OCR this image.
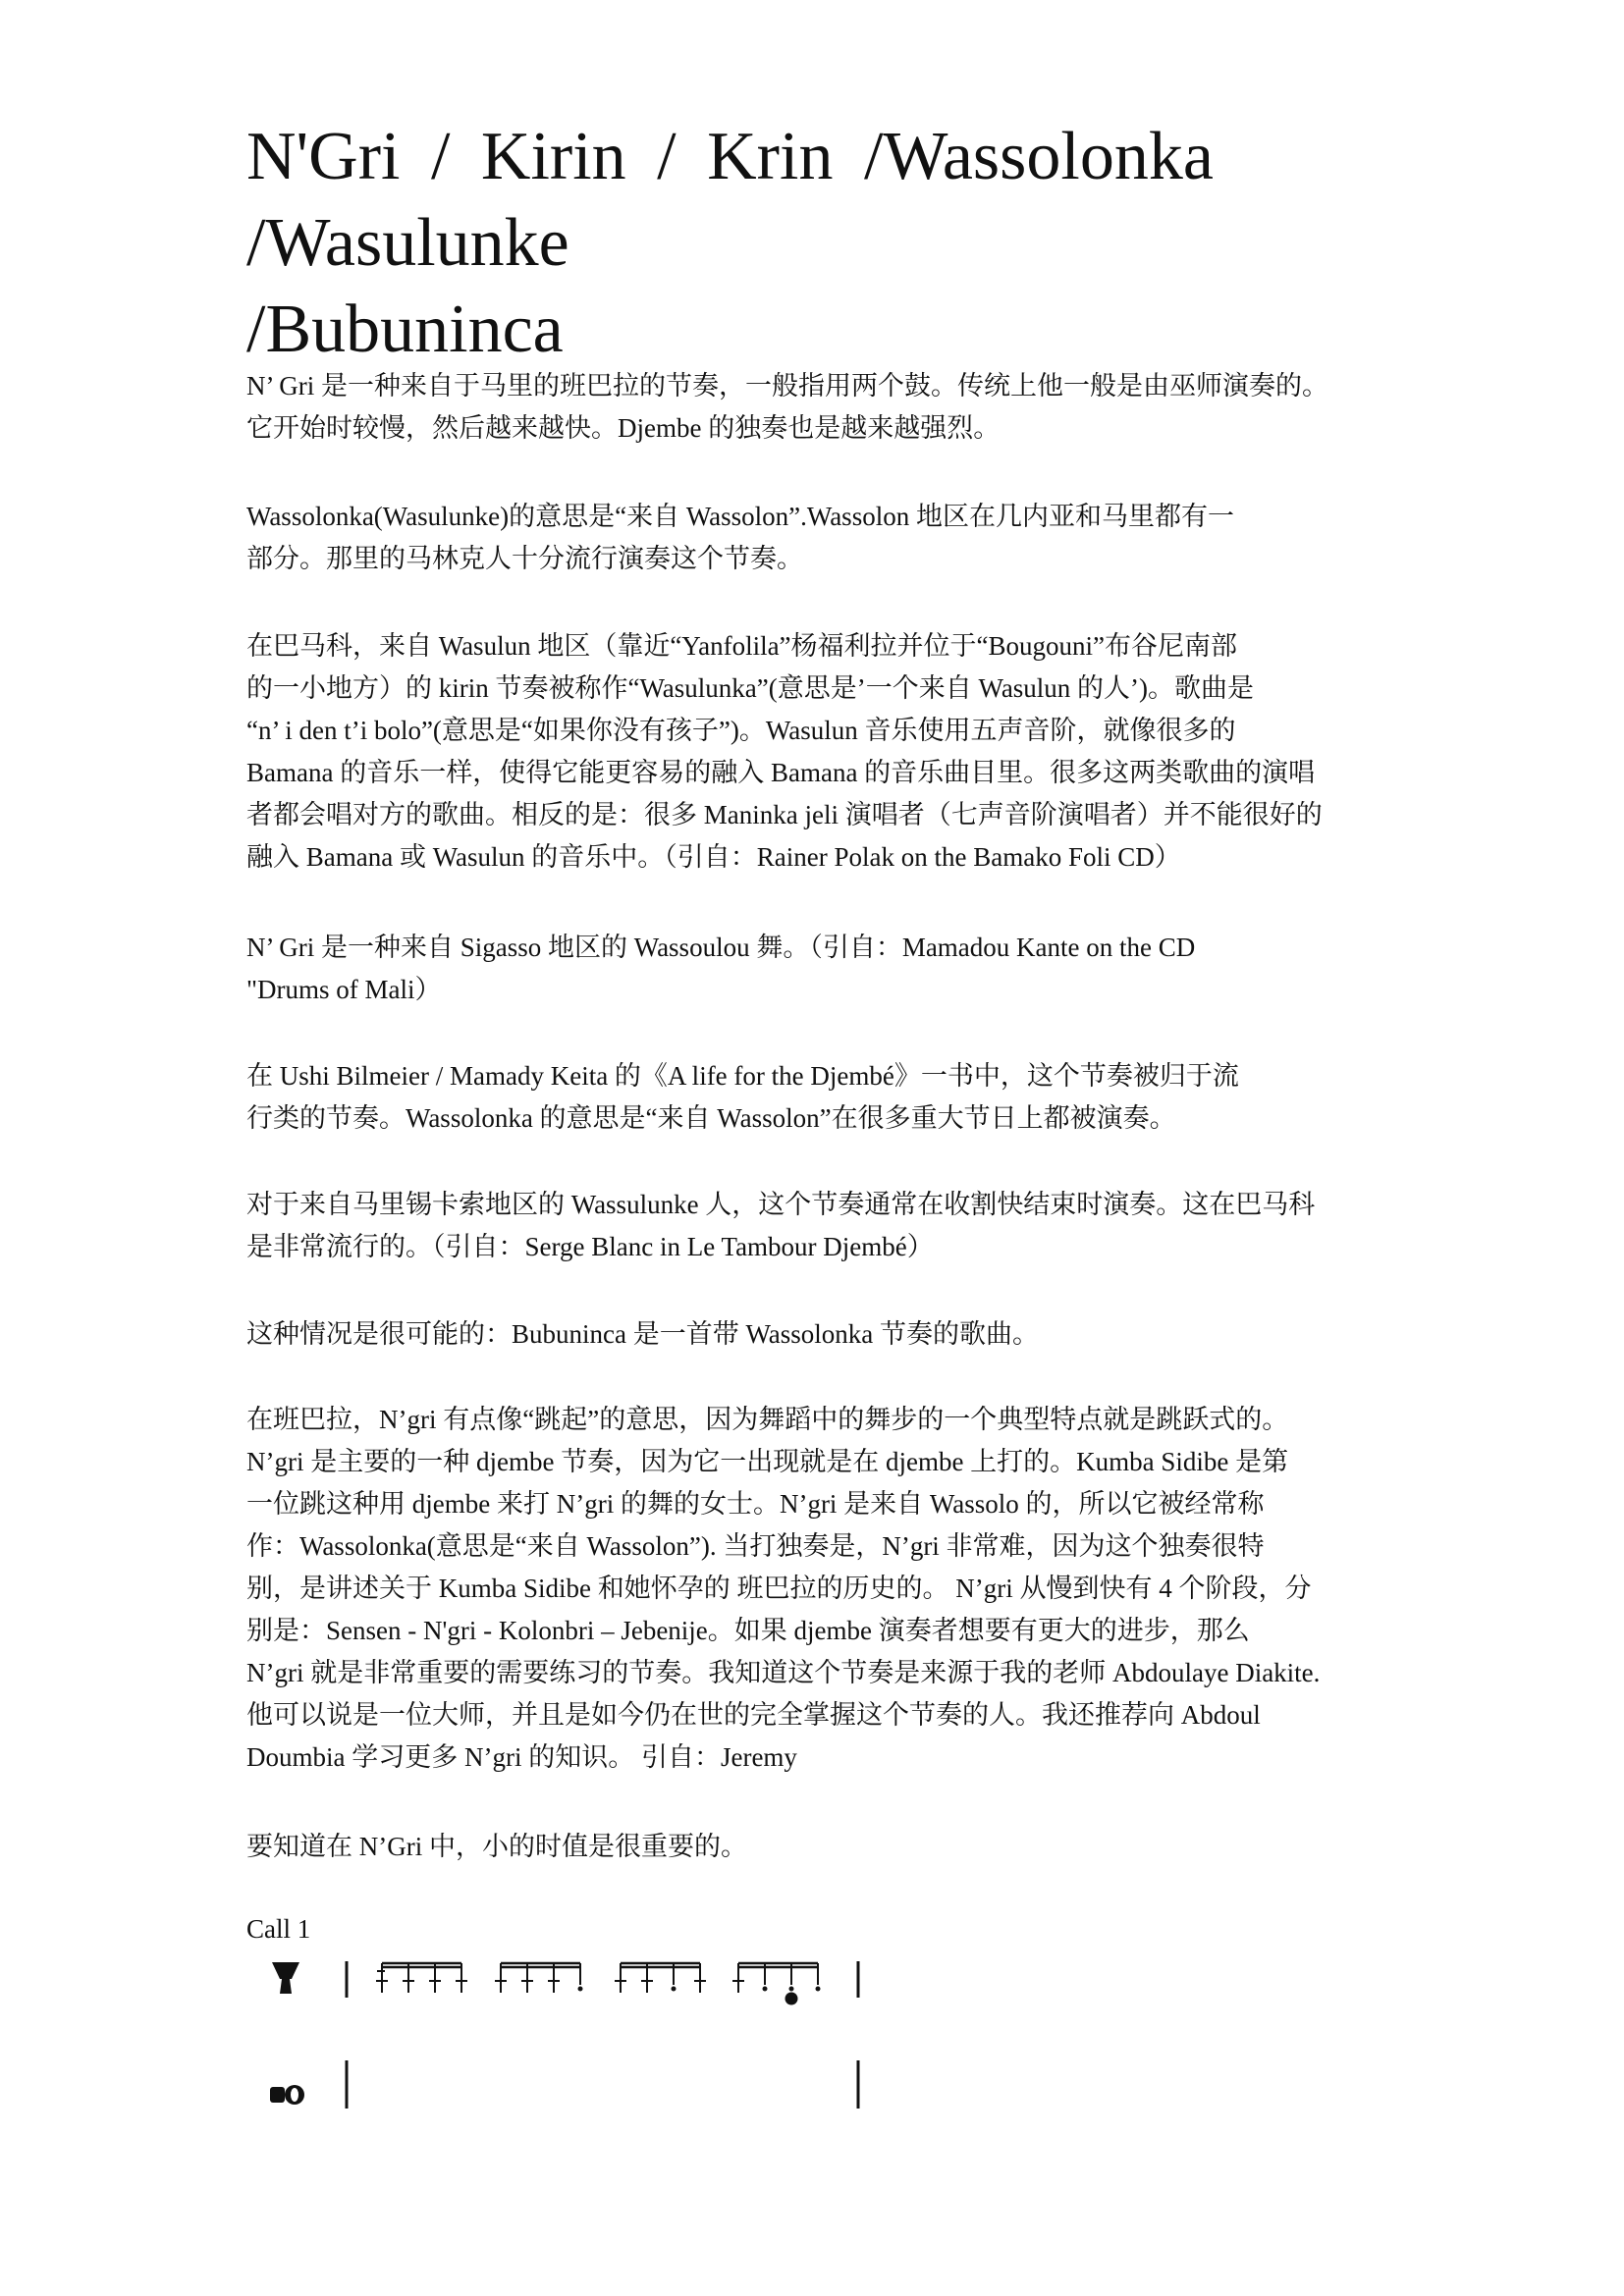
N'Gri / Kirin / Krin /Wassolonka /Wasulunke
/Bubuninca
N’ Gri 是一种来自于马里的班巴拉的节奏，一般指用两个鼓。传统上他一般是由巫师演奏的。
它开始时较慢，然后越来越快。Djembe 的独奏也是越来越强烈。
Wassolonka(Wasulunke)的意思是“来自 Wassolon”.Wassolon 地区在几内亚和马里都有一
部分。那里的马林克人十分流行演奏这个节奏。
在巴马科，来自 Wasulun 地区（靠近“Yanfolila”杨福利拉并位于“Bougouni”布谷尼南部
的一小地方）的 kirin 节奏被称作“Wasulunka”(意思是’一个来自 Wasulun 的人’)。歌曲是
“n’ i den t’i bolo”(意思是“如果你没有孩子”)。Wasulun 音乐使用五声音阶，就像很多的
Bamana 的音乐一样，使得它能更容易的融入 Bamana 的音乐曲目里。很多这两类歌曲的演唱
者都会唱对方的歌曲。相反的是：很多 Maninka jeli 演唱者（七声音阶演唱者）并不能很好的
融入 Bamana 或 Wasulun 的音乐中。（引自：Rainer Polak on the Bamako Foli CD）
N’ Gri 是一种来自 Sigasso 地区的 Wassoulou 舞。（引自：Mamadou Kante on the CD
"Drums of Mali）
在 Ushi Bilmeier / Mamady Keita 的《A life for the Djembé》一书中，这个节奏被归于流
行类的节奏。Wassolonka 的意思是“来自 Wassolon”在很多重大节日上都被演奏。
对于来自马里锡卡索地区的 Wassulunke 人，这个节奏通常在收割快结束时演奏。这在巴马科
是非常流行的。（引自：Serge Blanc in Le Tambour Djembé）
这种情况是很可能的：Bubuninca 是一首带 Wassolonka 节奏的歌曲。
在班巴拉，N’gri 有点像“跳起”的意思，因为舞蹈中的舞步的一个典型特点就是跳跃式的。
N’gri 是主要的一种 djembe 节奏，因为它一出现就是在 djembe 上打的。Kumba Sidibe 是第
一位跳这种用 djembe 来打 N’gri 的舞的女士。N’gri 是来自 Wassolo 的，所以它被经常称
作：Wassolonka(意思是“来自 Wassolon”). 当打独奏是，N’gri 非常难，因为这个独奏很特
别，是讲述关于 Kumba Sidibe 和她怀孕的 班巴拉的历史的。 N’gri 从慢到快有 4 个阶段，分
别是：Sensen - N'gri - Kolonbri – Jebenije。如果 djembe 演奏者想要有更大的进步，那么
N’gri 就是非常重要的需要练习的节奏。我知道这个节奏是来源于我的老师 Abdoulaye Diakite.
他可以说是一位大师，并且是如今仍在世的完全掌握这个节奏的人。我还推荐向 Abdoul
Doumbia 学习更多 N’gri 的知识。 引自：Jeremy
要知道在 N’Gri 中，小的时值是很重要的。
Call 1
